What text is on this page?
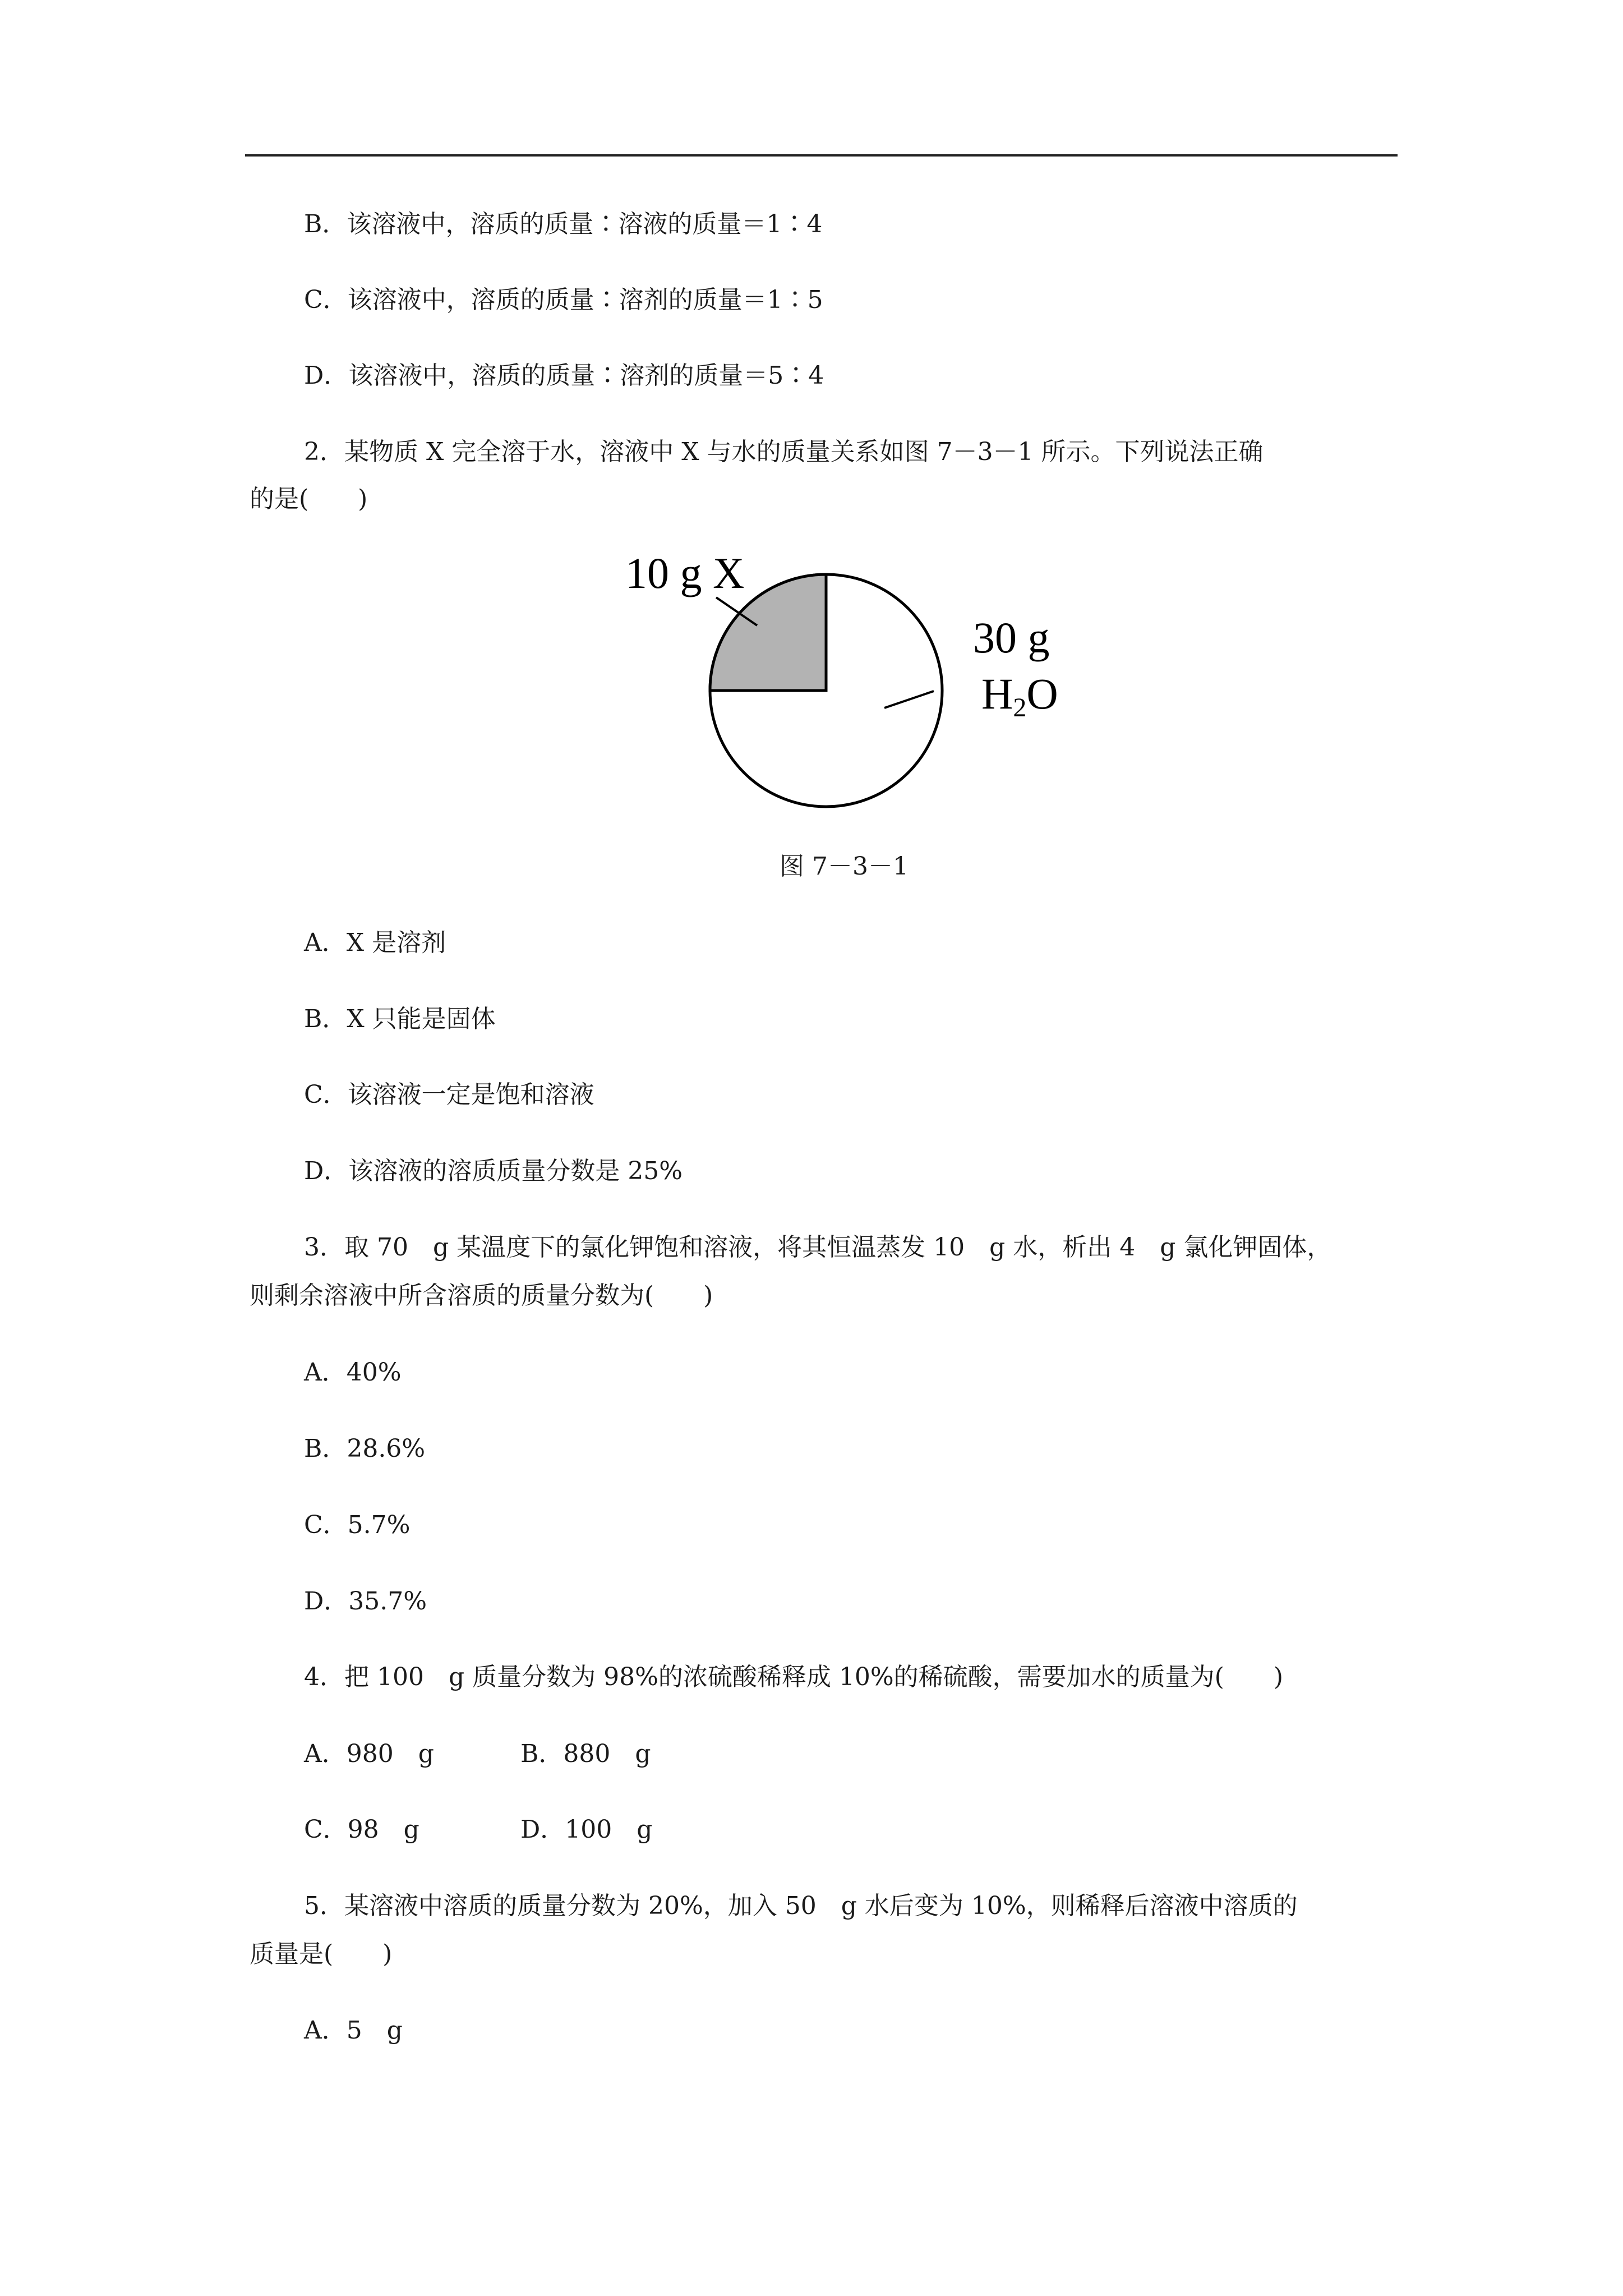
B．该溶液中，溶质的质量∶溶液的质量＝1∶4
C．该溶液中，溶质的质量∶溶剂的质量＝1∶5
D．该溶液中，溶质的质量∶溶剂的质量＝5∶4
2．某物质 X 完全溶于水，溶液中 X 与水的质量关系如图 7－3－1 所示。下列说法正确
的是(　　)
10 g X
30 g
H2O
图 7－3－1
A．X 是溶剂
B．X 只能是固体
C．该溶液一定是饱和溶液
D．该溶液的溶质质量分数是 25%
3．取 70　g 某温度下的氯化钾饱和溶液，将其恒温蒸发 10　g 水，析出 4　g 氯化钾固体，
则剩余溶液中所含溶质的质量分数为(　　)
A．40%
B．28.6%
C．5.7%
D．35.7%
4．把 100　g 质量分数为 98%的浓硫酸稀释成 10%的稀硫酸，需要加水的质量为(　　)
A．980　g	B．880　g
C．98　g	D．100　g
5．某溶液中溶质的质量分数为 20%，加入 50　g 水后变为 10%，则稀释后溶液中溶质的
质量是(　　)
A．5　g
